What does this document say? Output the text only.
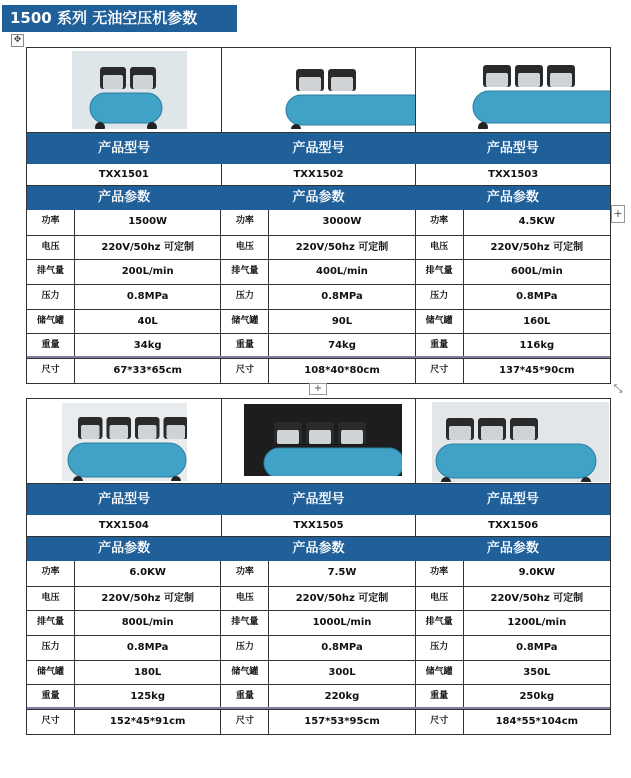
1500 系列 无油空压机参数
✥
产品型号	产品型号	产品型号
TXX1501	TXX1502	TXX1503
产品参数	产品参数	产品参数
功率	1500W	功率	3000W	功率	4.5KW
电压	220V/50hz 可定制	电压	220V/50hz 可定制	电压	220V/50hz 可定制
排气量	200L/min	排气量	400L/min	排气量	600L/min
压力	0.8MPa	压力	0.8MPa	压力	0.8MPa
储气罐	40L	储气罐	90L	储气罐	160L
重量	34kg	重量	74kg	重量	116kg
尺寸	67*33*65cm	尺寸	108*40*80cm	尺寸	137*45*90cm
+
+	⤡
产品型号	产品型号	产品型号
TXX1504	TXX1505	TXX1506
产品参数	产品参数	产品参数
功率	6.0KW	功率	7.5W	功率	9.0KW
电压	220V/50hz 可定制	电压	220V/50hz 可定制	电压	220V/50hz 可定制
排气量	800L/min	排气量	1000L/min	排气量	1200L/min
压力	0.8MPa	压力	0.8MPa	压力	0.8MPa
储气罐	180L	储气罐	300L	储气罐	350L
重量	125kg	重量	220kg	重量	250kg
尺寸	152*45*91cm	尺寸	157*53*95cm	尺寸	184*55*104cm
